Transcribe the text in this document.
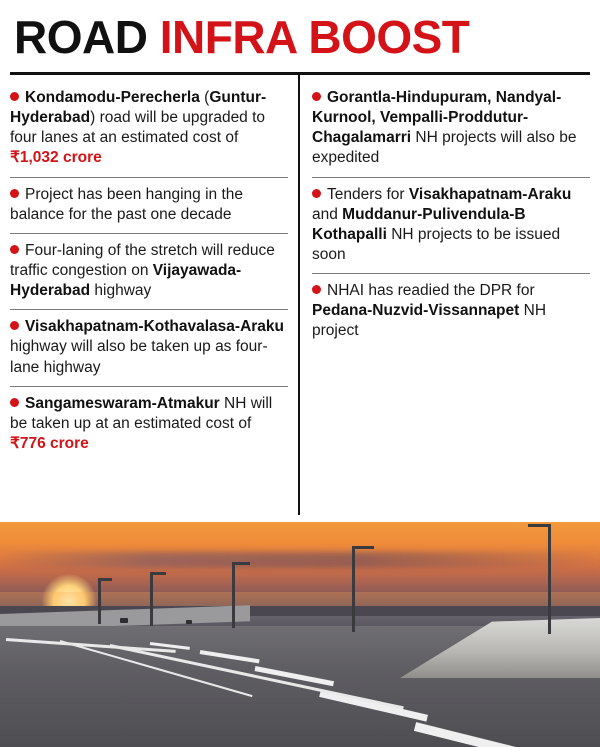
ROAD INFRA BOOST

Kondamodu-Perecherla (Guntur-Hyderabad) road will be upgraded to four lanes at an estimated cost of ₹1,032 crore

Project has been hanging in the balance for the past one decade

Four-laning of the stretch will reduce traffic congestion on Vijayawada-Hyderabad highway

Visakhapatnam-Kothavalasa-Araku highway will also be taken up as four-lane highway

Sangameswaram-Atmakur NH will be taken up at an estimated cost of ₹776 crore

Gorantla-Hindupuram, Nandyal-Kurnool, Vempalli-Proddutur-Chagalamarri NH projects will also be expedited

Tenders for Visakhapatnam-Araku and Muddanur-Pulivendula-B Kothapalli NH projects to be issued soon

NHAI has readied the DPR for Pedana-Nuzvid-Vissannapet NH project
